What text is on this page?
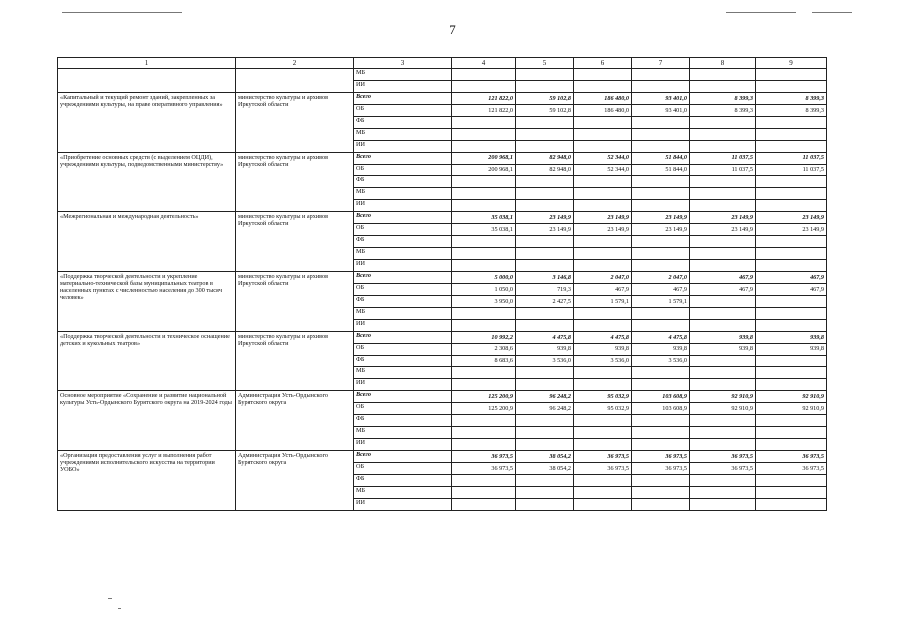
7
1	2	3	4	5	6	7	8	9
		МБ						
		ИИ						
«Капитальный и текущий ремонт зданий, закрепленных за учреждениями культуры, на праве оперативного управления»	министерство культуры и архивов Иркутской области	Всего	121 822,0	59 102,8	186 480,0	93 401,0	8 399,3	8 399,3
		ОБ	121 822,0	59 102,8	186 480,0	93 401,0	8 399,3	8 399,3
		ФБ						
		МБ						
		ИИ						
«Приобретение основных средств (с выделением ОЦДИ), учреждениями культуры, подведомственными министерству»	министерство культуры и архивов Иркутской области	Всего	200 968,1	82 948,0	52 344,0	51 844,0	11 037,5	11 037,5
		ОБ	200 968,1	82 948,0	52 344,0	51 844,0	11 037,5	11 037,5
		ФБ						
		МБ						
		ИИ						
«Межрегиональная и международная деятельность»	министерство культуры и архивов Иркутской области	Всего	35 038,1	23 149,9	23 149,9	23 149,9	23 149,9	23 149,9
		ОБ	35 038,1	23 149,9	23 149,9	23 149,9	23 149,9	23 149,9
		ФБ						
		МБ						
		ИИ						
«Поддержка творческой деятельности и укрепление материально-технической базы муниципальных театров в населенных пунктах с численностью населения до 300 тысяч человек»	министерство культуры и архивов Иркутской области	Всего	5 000,0	3 146,8	2 047,0	2 047,0	467,9	467,9
		ОБ	1 050,0	719,3	467,9	467,9	467,9	467,9
		ФБ	3 950,0	2 427,5	1 579,1	1 579,1		
		МБ						
		ИИ						
«Поддержка творческой деятельности и техническое оснащение детских и кукольных театров»	министерство культуры и архивов Иркутской области	Всего	10 992,2	4 475,8	4 475,8	4 475,8	939,8	939,8
		ОБ	2 308,6	939,8	939,8	939,8	939,8	939,8
		ФБ	8 683,6	3 536,0	3 536,0	3 536,0		
		МБ						
		ИИ						
Основное мероприятие «Сохранение и развитие национальной культуры Усть-Ордынского Бурятского округа на 2019-2024 годы	Администрация Усть-Ордынского Бурятского округа	Всего	125 200,9	96 248,2	95 032,9	103 608,9	92 910,9	92 910,9
		ОБ	125 200,9	96 248,2	95 032,9	103 608,9	92 910,9	92 910,9
		ФБ						
		МБ						
		ИИ						
«Организация предоставления услуг и выполнения работ учреждениями исполнительского искусства на территории УОБО»	Администрация Усть-Ордынского Бурятского округа	Всего	36 973,5	38 054,2	36 973,5	36 973,5	36 973,5	36 973,5
		ОБ	36 973,5	38 054,2	36 973,5	36 973,5	36 973,5	36 973,5
		ФБ						
		МБ						
		ИИ						
